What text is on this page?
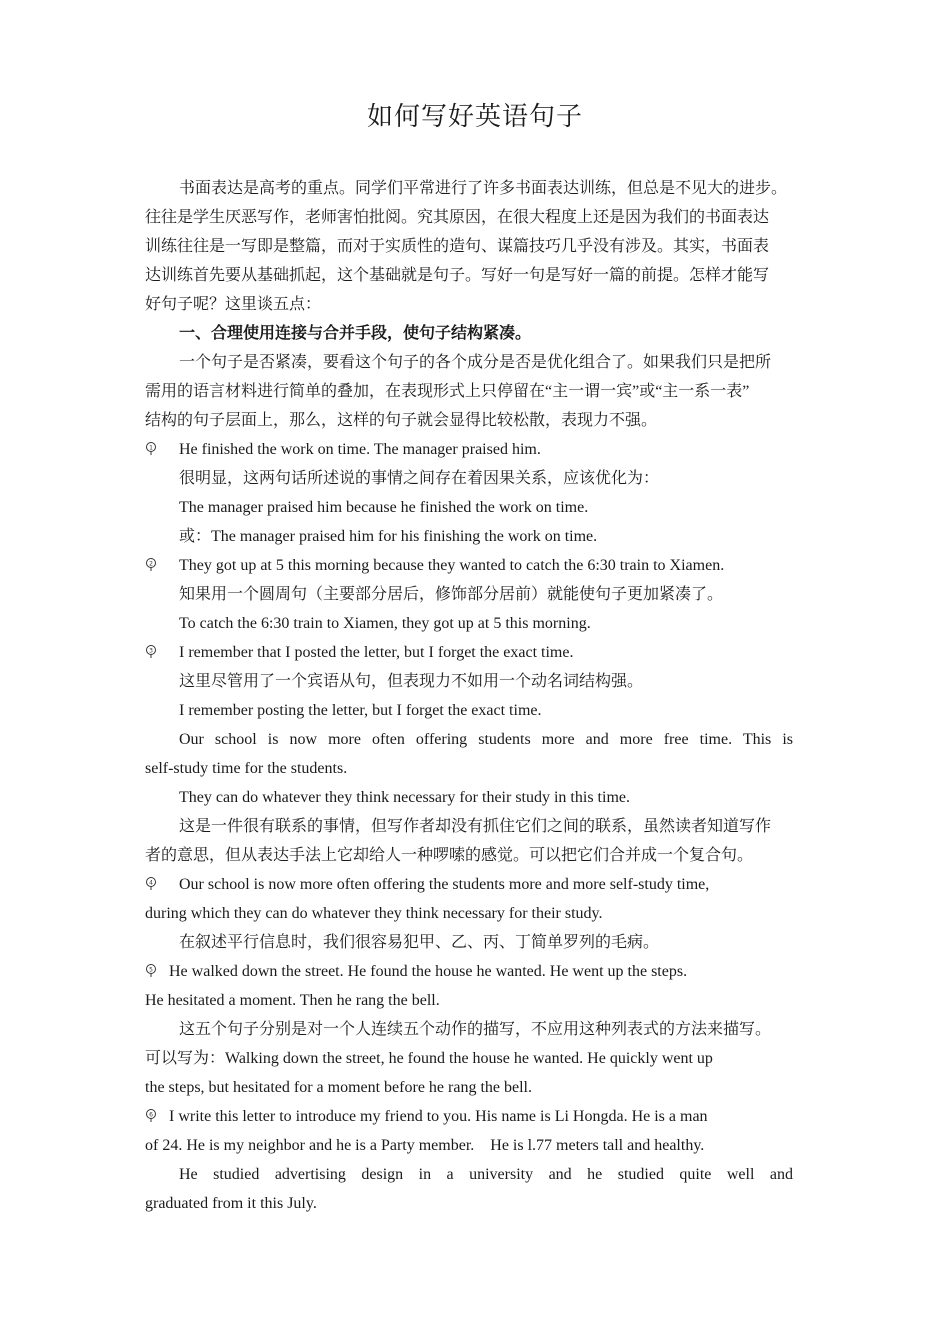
如何写好英语句子
书面表达是高考的重点。同学们平常进行了许多书面表达训练，但总是不见大的进步。
往往是学生厌恶写作，老师害怕批阅。究其原因，在很大程度上还是因为我们的书面表达
训练往往是一写即是整篇，而对于实质性的造句、谋篇技巧几乎没有涉及。其实，书面表
达训练首先要从基础抓起，这个基础就是句子。写好一句是写好一篇的前提。怎样才能写
好句子呢？这里谈五点：
一、合理使用连接与合并手段，使句子结构紧凑。
一个句子是否紧凑，要看这个句子的各个成分是否是优化组合了。如果我们只是把所
需用的语言材料进行简单的叠加，在表现形式上只停留在“主一谓一宾”或“主一系一表”
结构的句子层面上，那么，这样的句子就会显得比较松散，表现力不强。
1 He finished the work on time. The manager praised him.
很明显，这两句话所述说的事情之间存在着因果关系，应该优化为：
The manager praised him because he finished the work on time.
或：The manager praised him for his finishing the work on time.
2 They got up at 5 this morning because they wanted to catch the 6:30 train to Xiamen.
知果用一个圆周句（主要部分居后，修饰部分居前）就能使句子更加紧凑了。
To catch the 6:30 train to Xiamen, they got up at 5 this morning.
3 I remember that I posted the letter, but I forget the exact time.
这里尽管用了一个宾语从句，但表现力不如用一个动名词结构强。
I remember posting the letter, but I forget the exact time.
Our school is now more often offering students more and more free time. This is
self-study time for the students.
They can do whatever they think necessary for their study in this time.
这是一件很有联系的事情，但写作者却没有抓住它们之间的联系，虽然读者知道写作
者的意思，但从表达手法上它却给人一种啰嗦的感觉。可以把它们合并成一个复合句。
4 Our school is now more often offering the students more and more self-study time,
during which they can do whatever they think necessary for their study.
在叙述平行信息时，我们很容易犯甲、乙、丙、丁简单罗列的毛病。
5 He walked down the street. He found the house he wanted. He went up the steps.
He hesitated a moment. Then he rang the bell.
这五个句子分别是对一个人连续五个动作的描写，不应用这种列表式的方法来描写。
可以写为：Walking down the street, he found the house he wanted. He quickly went up
the steps, but hesitated for a moment before he rang the bell.
6 I write this letter to introduce my friend to you. His name is Li Hongda. He is a man
of 24. He is my neighbor and he is a Party member.    He is l.77 meters tall and healthy.
He studied advertising design in a university and he studied quite well and
graduated from it this July.
